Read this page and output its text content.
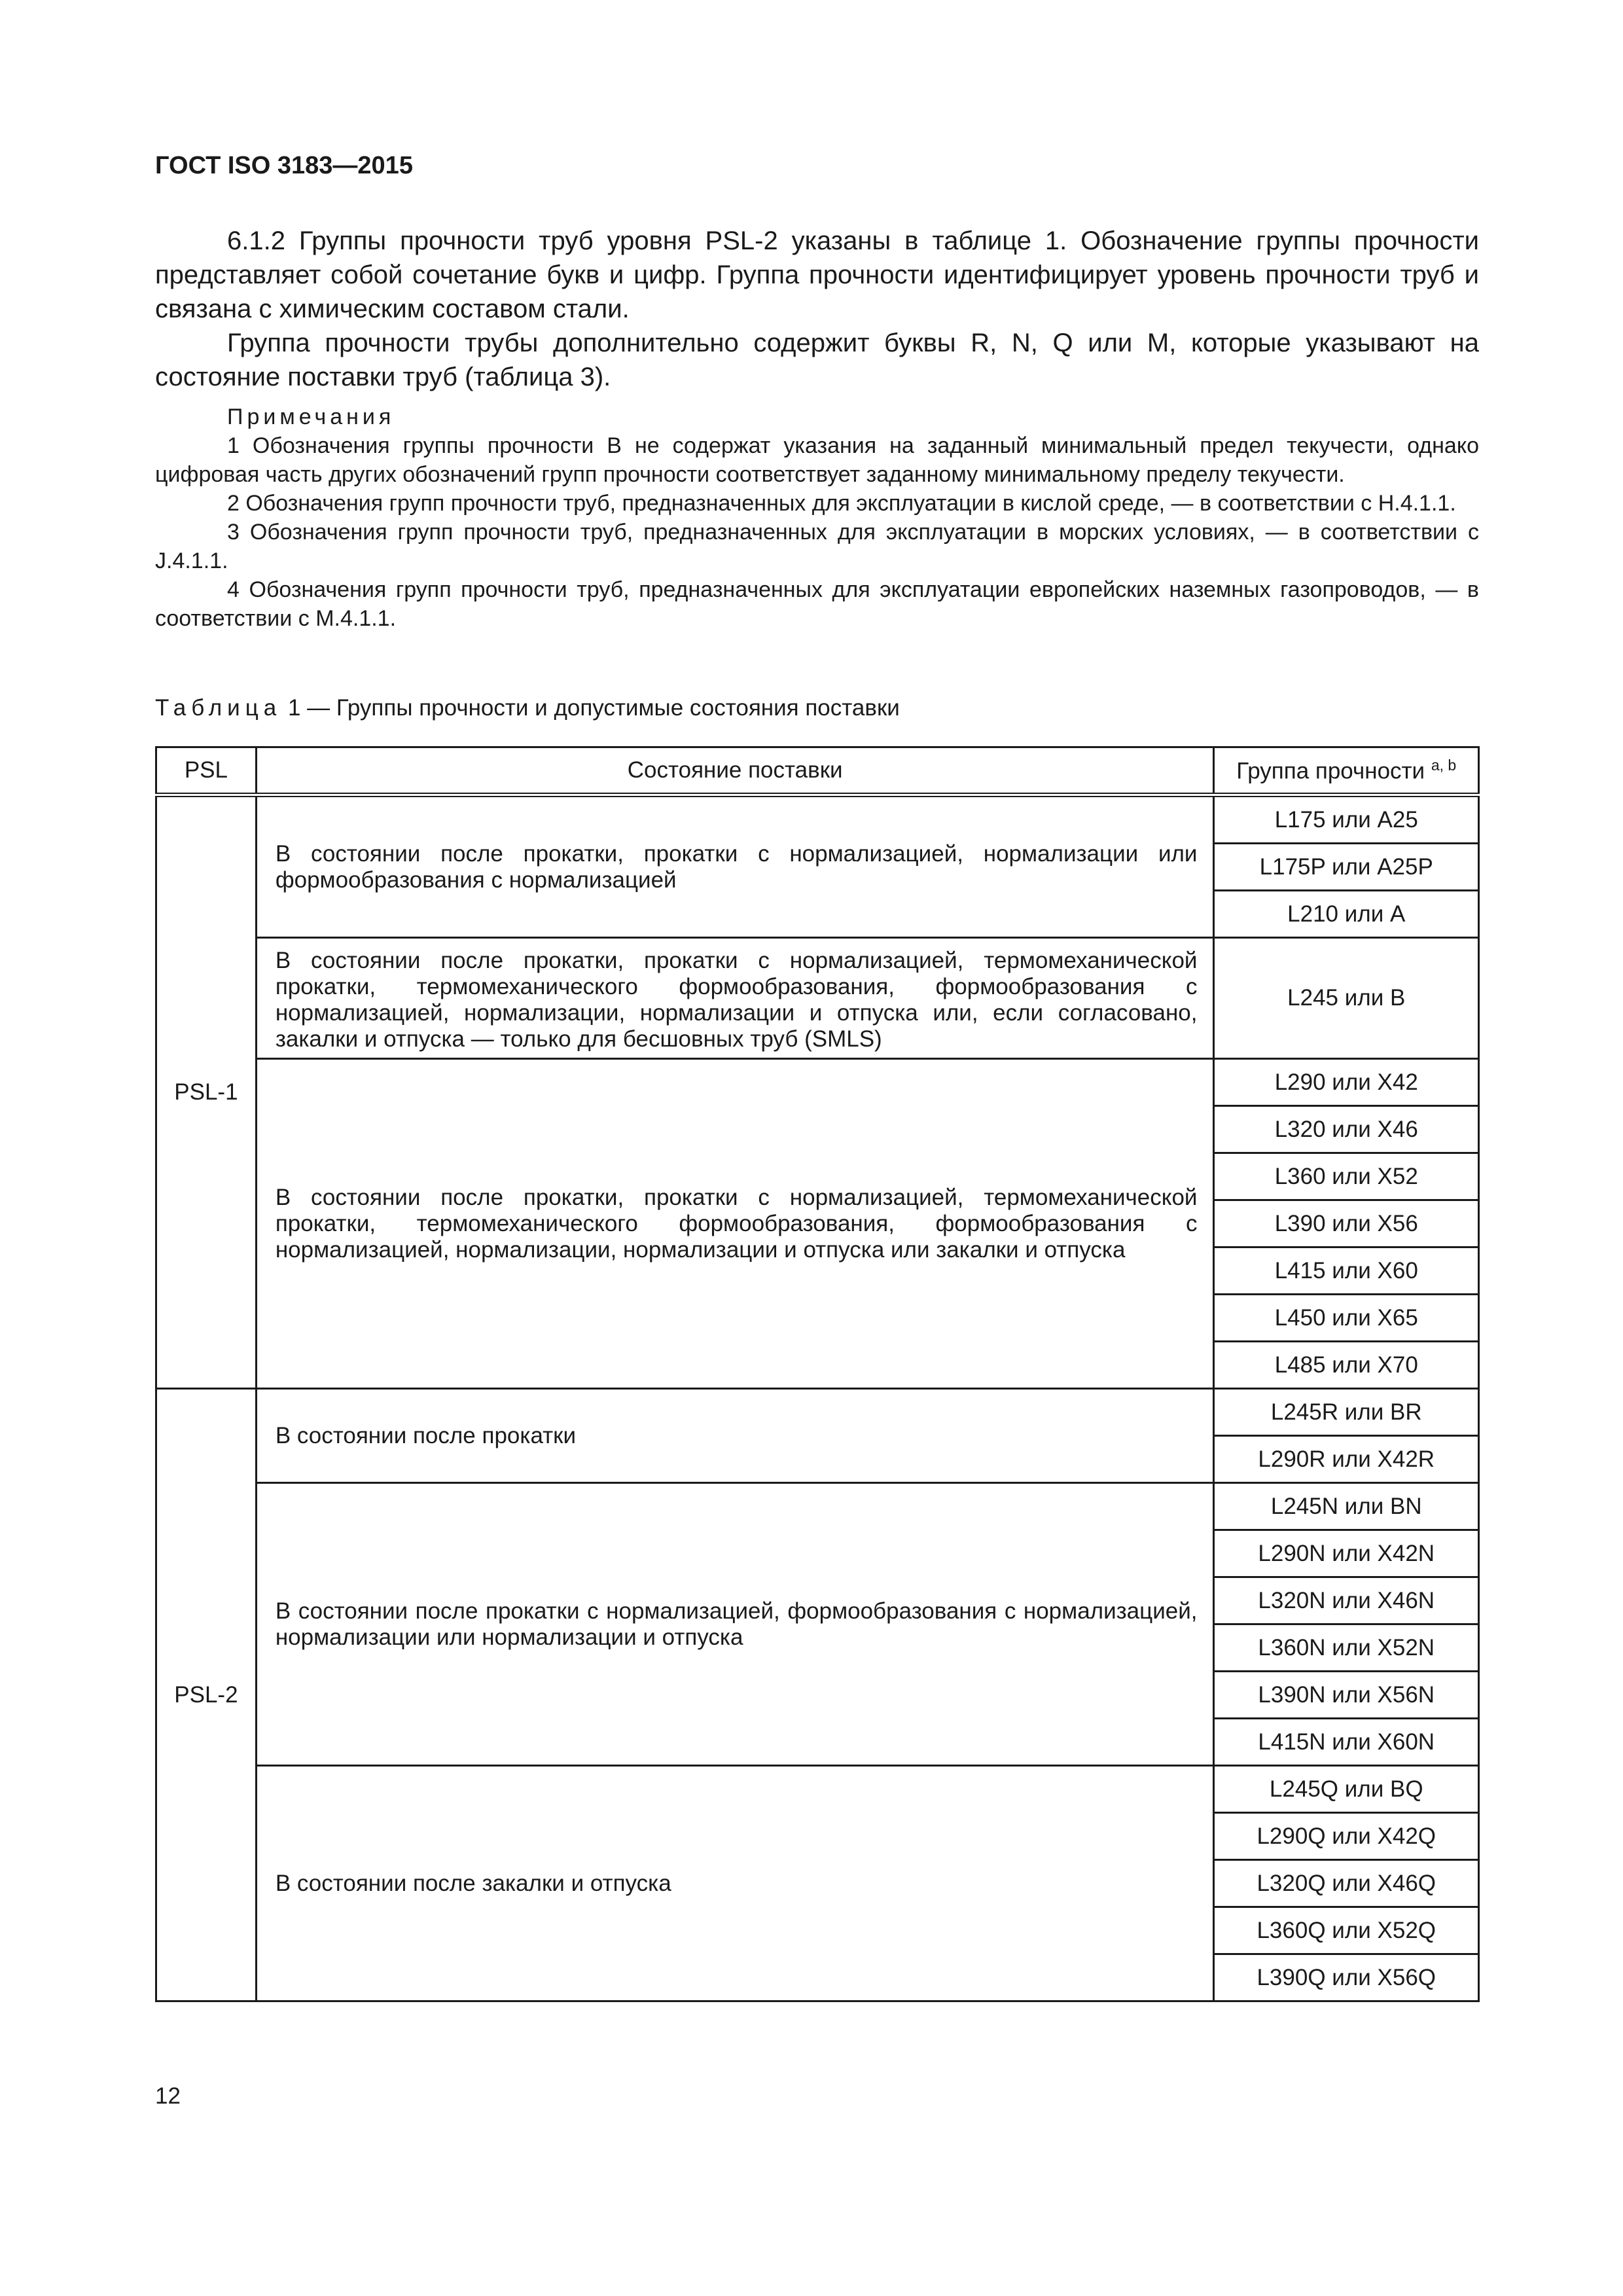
ГОСТ ISO 3183—2015

6.1.2 Группы прочности труб уровня PSL-2 указаны в таблице 1. Обозначение группы прочности представляет собой сочетание букв и цифр. Группа прочности идентифицирует уровень прочности труб и связана с химическим составом стали.

Группа прочности трубы дополнительно содержит буквы R, N, Q или M, которые указывают на состояние поставки труб (таблица 3).

Примечания

1 Обозначения группы прочности B не содержат указания на заданный минимальный предел текучести, однако цифровая часть других обозначений групп прочности соответствует заданному минимальному пределу текучести.

2 Обозначения групп прочности труб, предназначенных для эксплуатации в кислой среде, — в соответствии с H.4.1.1.

3 Обозначения групп прочности труб, предназначенных для эксплуатации в морских условиях, — в соответствии с J.4.1.1.

4 Обозначения групп прочности труб, предназначенных для эксплуатации европейских наземных газопроводов, — в соответствии с M.4.1.1.

Таблица 1 — Группы прочности и допустимые состояния поставки
PSL	Состояние поставки	Группа прочности $^{a, b}$
PSL-1	В состоянии после прокатки, прокатки с нормализацией, нормализации или формообразования с нормализацией	L175 или A25
		L175P или A25P
		L210 или A
	В состоянии после прокатки, прокатки с нормализацией, термомеханической прокатки, термомеханического формообразования, формообразования с нормализацией, нормализации, нормализации и отпуска или, если согласовано, закалки и отпуска — только для бесшовных труб (SMLS)	L245 или B
	В состоянии после прокатки, прокатки с нормализацией, термомеханической прокатки, термомеханического формообразования, формообразования с нормализацией, нормализации, нормализации и отпуска или закалки и отпуска	L290 или X42
		L320 или X46
		L360 или X52
		L390 или X56
		L415 или X60
		L450 или X65
		L485 или X70
PSL-2	В состоянии после прокатки	L245R или BR
		L290R или X42R
	В состоянии после прокатки с нормализацией, формообразования с нормализацией, нормализации или нормализации и отпуска	L245N или BN
		L290N или X42N
		L320N или X46N
		L360N или X52N
		L390N или X56N
		L415N или X60N
	В состоянии после закалки и отпуска	L245Q или BQ
		L290Q или X42Q
		L320Q или X46Q
		L360Q или X52Q
		L390Q или X56Q
12
